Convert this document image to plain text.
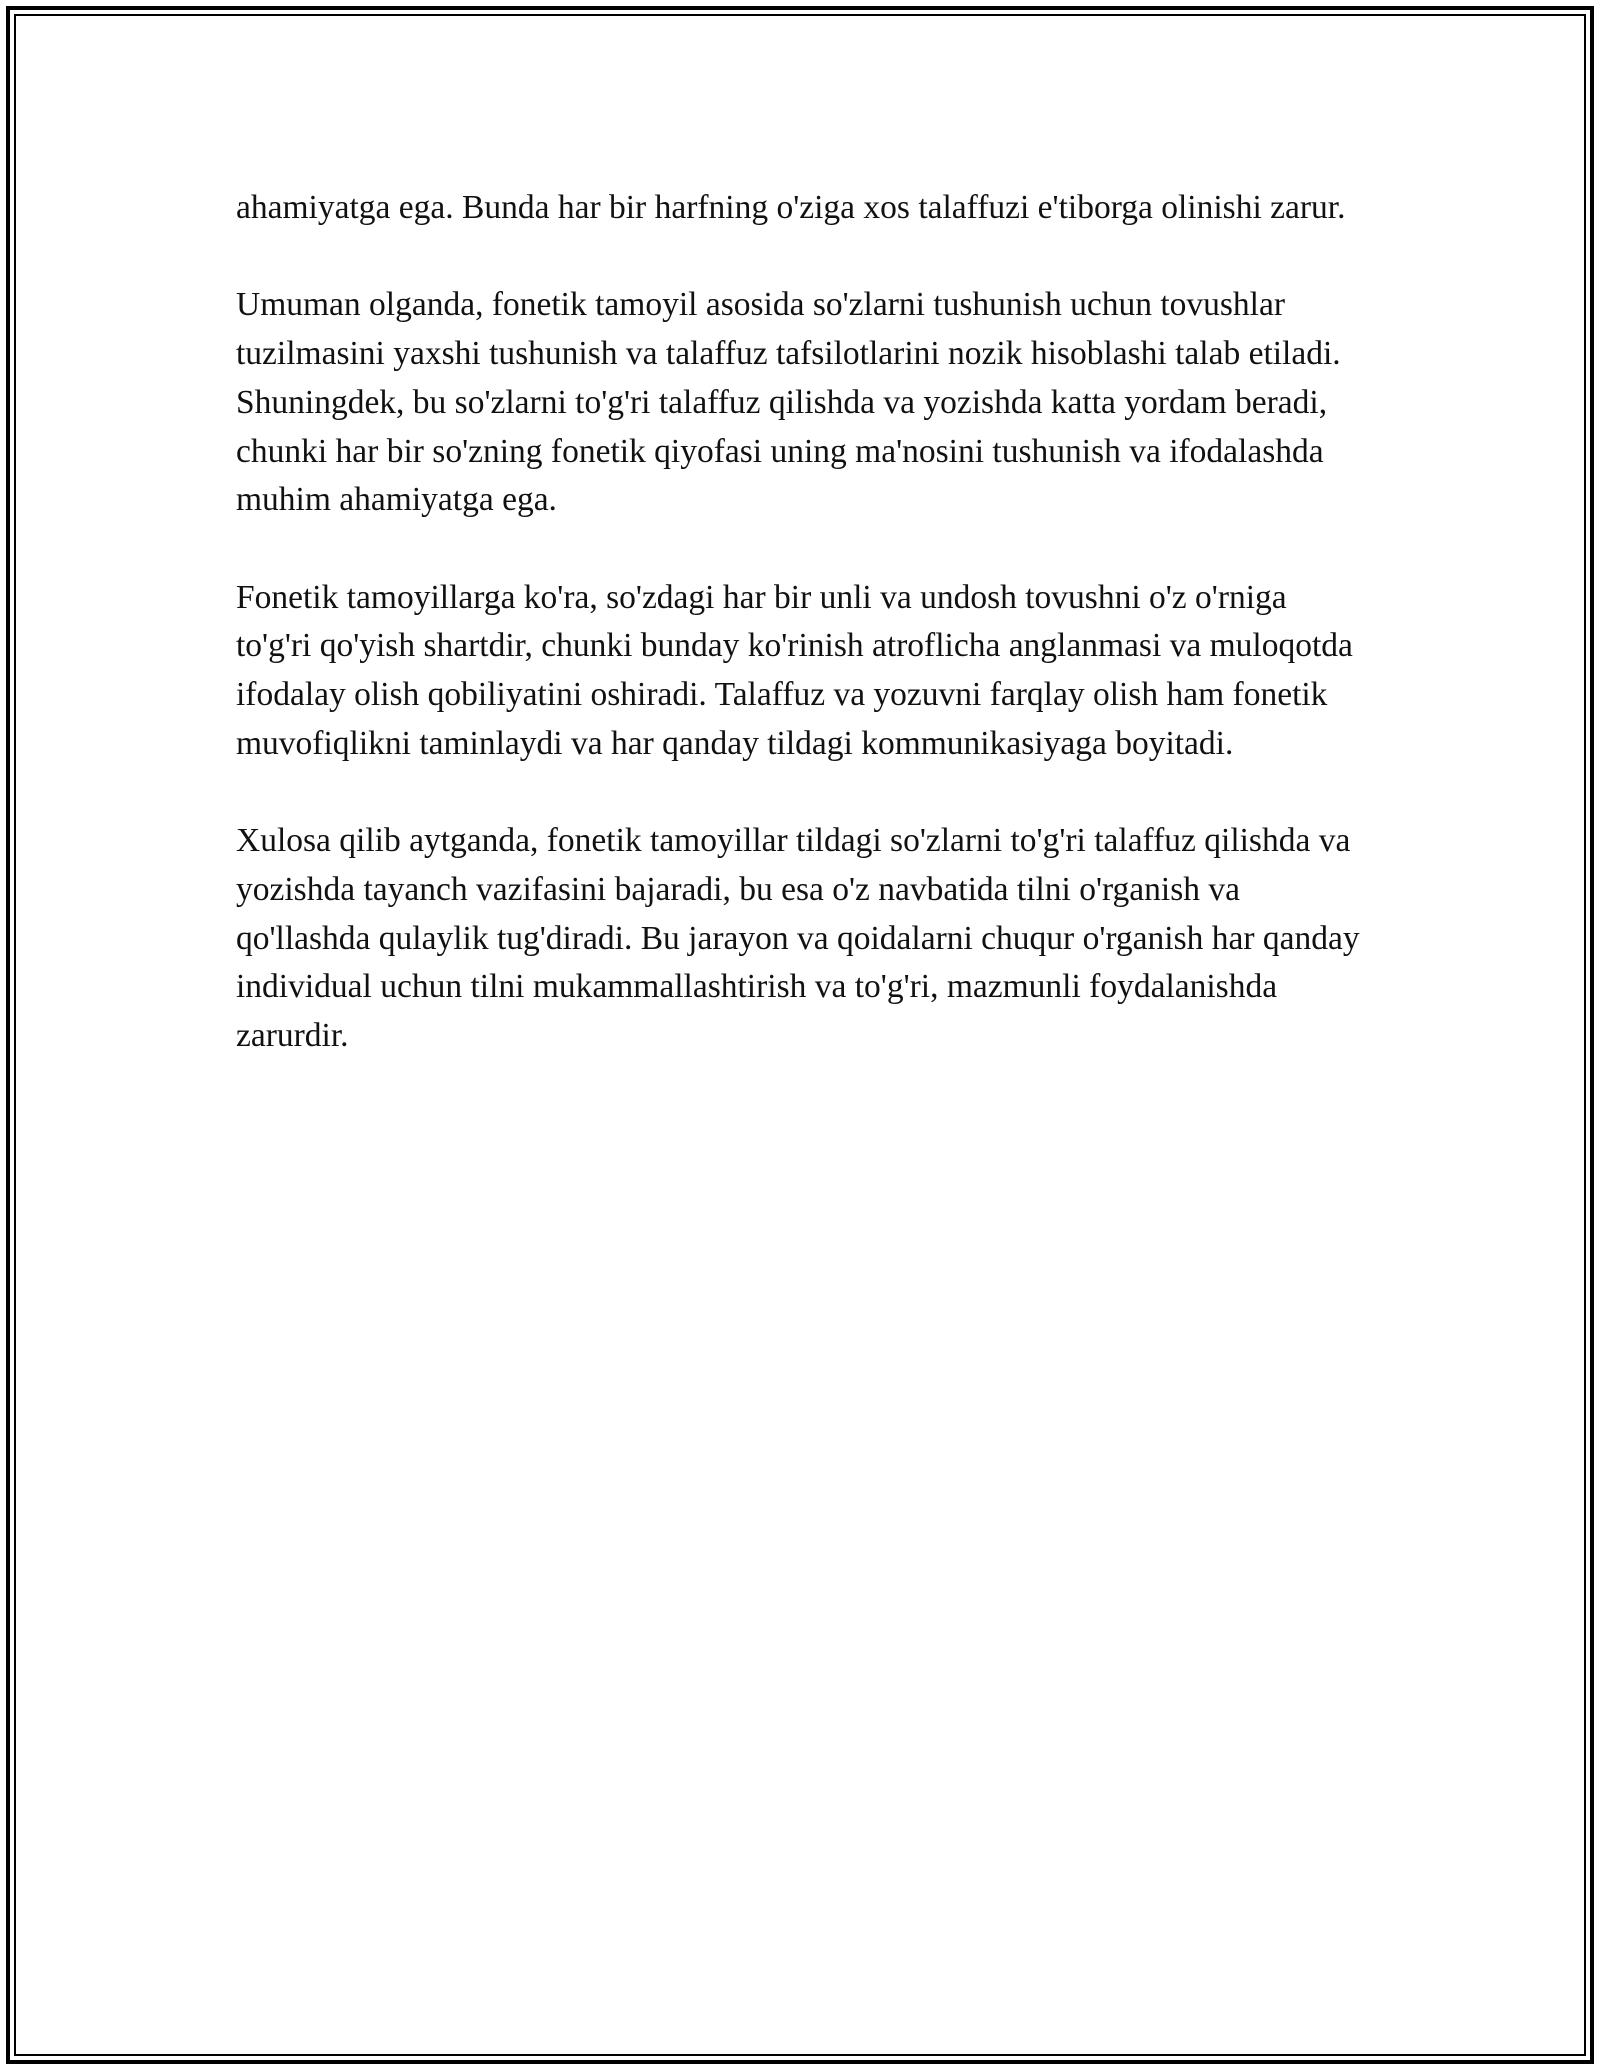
ahamiyatga ega. Bunda har bir harfning o'ziga xos talaffuzi e'tiborga olinishi zarur.

Umuman olganda, fonetik tamoyil asosida so'zlarni tushunish uchun tovushlar tuzilmasini yaxshi tushunish va talaffuz tafsilotlarini nozik hisoblashi talab etiladi. Shuningdek, bu so'zlarni to'g'ri talaffuz qilishda va yozishda katta yordam beradi, chunki har bir so'zning fonetik qiyofasi uning ma'nosini tushunish va ifodalashda muhim ahamiyatga ega.

Fonetik tamoyillarga ko'ra, so'zdagi har bir unli va undosh tovushni o'z o'rniga to'g'ri qo'yish shartdir, chunki bunday ko'rinish atroflicha anglanmasi va muloqotda ifodalay olish qobiliyatini oshiradi. Talaffuz va yozuvni farqlay olish ham fonetik muvofiqlikni taminlaydi va har qanday tildagi kommunikasiyaga boyitadi.

Xulosa qilib aytganda, fonetik tamoyillar tildagi so'zlarni to'g'ri talaffuz qilishda va yozishda tayanch vazifasini bajaradi, bu esa o'z navbatida tilni o'rganish va qo'llashda qulaylik tug'diradi. Bu jarayon va qoidalarni chuqur o'rganish har qanday individual uchun tilni mukammallashtirish va to'g'ri, mazmunli foydalanishda zarurdir.
